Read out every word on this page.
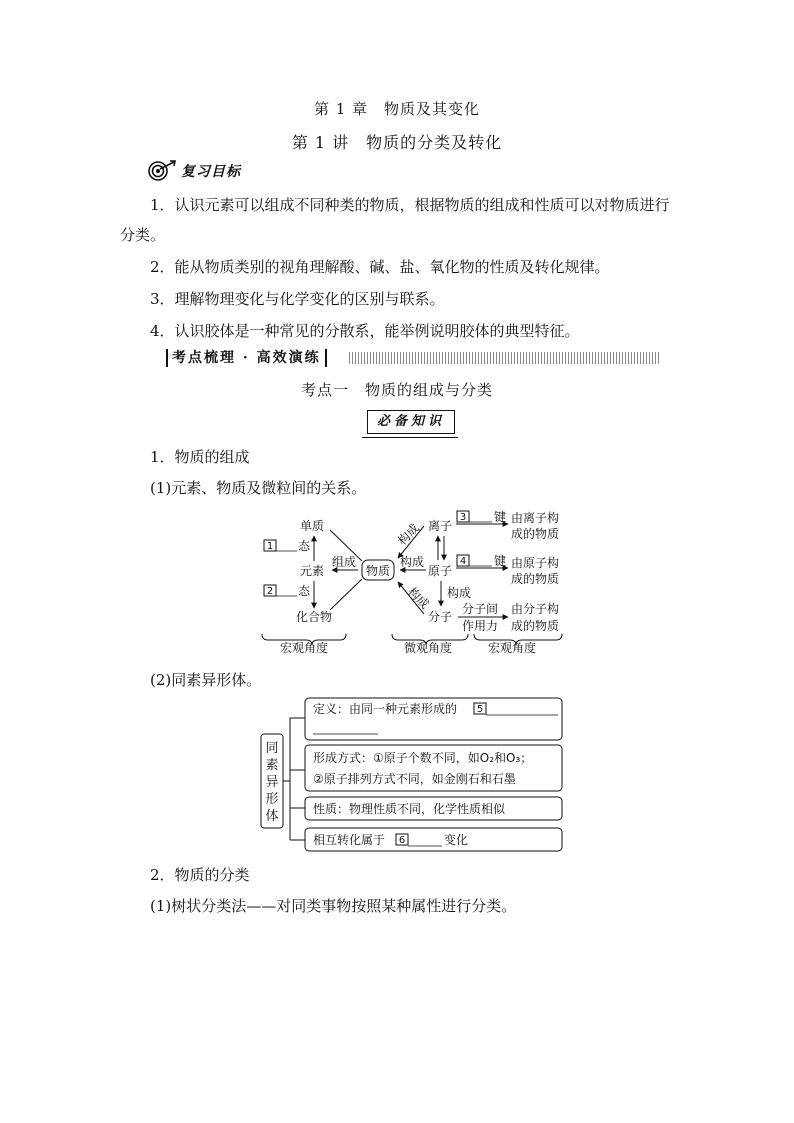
第 1 章　物质及其变化
第 1 讲　物质的分类及转化
复习目标
1．认识元素可以组成不同种类的物质，根据物质的组成和性质可以对物质进行分类。
2．能从物质类别的视角理解酸、碱、盐、氧化物的性质及转化规律。
3．理解物理变化与化学变化的区别与联系。
4．认识胶体是一种常见的分散系，能举例说明胶体的典型特征。
考点梳理 · 高效演练
考点一　物质的组成与分类
必备知识
1．物质的组成
(1)元素、物质及微粒间的关系。
单质
元素
化合物
1 态
2 态
物质
组成
离子
原子
分子
构成
构成
构成 构成
3 键 由离子构
成的物质
4 键 由原子构
成的物质
分子间
作用力
由分子构
成的物质
宏观角度	微观角度	宏观角度
定义：由同一种元素形成的 5
形成方式：①原子个数不同，如O₂和O₃；
②原子排列方式不同，如金刚石和石墨
性质：物理性质不同，化学性质相似
相互转化属于 6	变化
同素异形体
(2)同素异形体。
2．物质的分类
(1)树状分类法——对同类事物按照某种属性进行分类。
